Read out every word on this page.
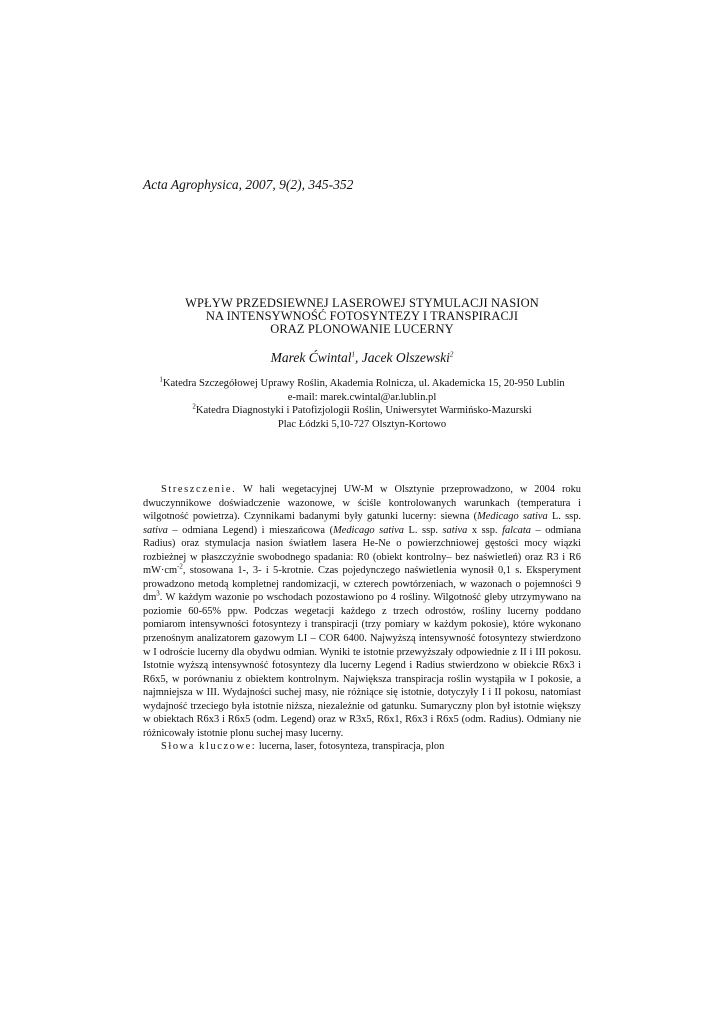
Acta Agrophysica, 2007, 9(2), 345-352
WPŁYW PRZEDSIEWNEJ LASEROWEJ STYMULACJI NASION
NA INTENSYWNOŚĆ FOTOSYNTEZY I TRANSPIRACJI
ORAZ PLONOWANIE LUCERNY
Marek Ćwintal$^1$, Jacek Olszewski$^2$
$^1$Katedra Szczegółowej Uprawy Roślin, Akademia Rolnicza, ul. Akademicka 15, 20-950 Lublin
e-mail: marek.cwintal@ar.lublin.pl
$^2$Katedra Diagnostyki i Patofizjologii Roślin, Uniwersytet Warmińsko-Mazurski
Plac Łódzki 5,10-727 Olsztyn-Kortowo

Streszczenie. W hali wegetacyjnej UW-M w Olsztynie przeprowadzono, w 2004 roku dwuczynnikowe doświadczenie wazonowe, w ściśle kontrolowanych warunkach (temperatura i wilgotność powietrza). Czynnikami badanymi były gatunki lucerny: siewna (Medicago sativa L. ssp. sativa – odmiana Legend) i mieszańcowa (Medicago sativa L. ssp. sativa x ssp. falcata – odmiana Radius) oraz stymulacja nasion światłem lasera He-Ne o powierzchniowej gęstości mocy wiązki rozbieżnej w płaszczyźnie swobodnego spadania: R0 (obiekt kontrolny– bez naświetleń) oraz R3 i R6 $mW\cdot cm^{-2}$, stosowana 1-, 3- i 5-krotnie. Czas pojedynczego naświetlenia wynosił 0,1 s. Eksperyment prowadzono metodą kompletnej randomizacji, w czterech powtórzeniach, w wazonach o pojemności 9 $dm^3$. W każdym wazonie po wschodach pozostawiono po 4 rośliny. Wilgotność gleby utrzymywano na poziomie 60-65% ppw. Podczas wegetacji każdego z trzech odrostów, rośliny lucerny poddano pomiarom intensywności fotosyntezy i transpiracji (trzy pomiary w każdym pokosie), które wykonano przenośnym analizatorem gazowym LI – COR 6400. Najwyższą intensywność fotosyntezy stwierdzono w I odroście lucerny dla obydwu odmian. Wyniki te istotnie przewyższały odpowiednie z II i III pokosu. Istotnie wyższą intensywność fotosyntezy dla lucerny Legend i Radius stwierdzono w obiekcie R6x3 i R6x5, w porównaniu z obiektem kontrolnym. Największa transpiracja roślin wystąpiła w I pokosie, a najmniejsza w III. Wydajności suchej masy, nie różniące się istotnie, dotyczyły I i II pokosu, natomiast wydajność trzeciego była istotnie niższa, niezależnie od gatunku. Sumaryczny plon był istotnie większy w obiektach R6x3 i R6x5 (odm. Legend) oraz w R3x5, R6x1, R6x3 i R6x5 (odm. Radius). Odmiany nie różnicowały istotnie plonu suchej masy lucerny.

Słowa kluczowe: lucerna, laser, fotosynteza, transpiracja, plon
